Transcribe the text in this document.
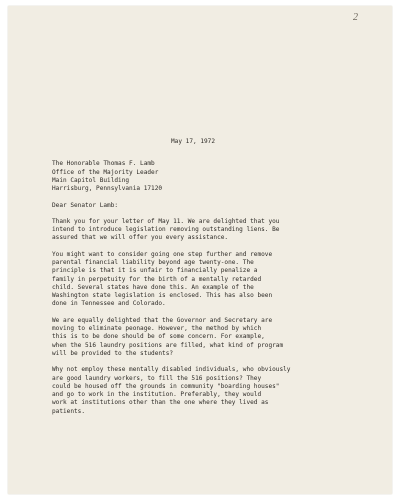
2
May 17, 1972
The Honorable Thomas F. Lamb
Office of the Majority Leader
Main Capitol Building
Harrisburg, Pennsylvania 17120
Dear Senator Lamb:
Thank you for your letter of May 11. We are delighted that you
intend to introduce legislation removing outstanding liens. Be
assured that we will offer you every assistance.
You might want to consider going one step further and remove
parental financial liability beyond age twenty-one. The
principle is that it is unfair to financially penalize a
family in perpetuity for the birth of a mentally retarded
child. Several states have done this. An example of the
Washington state legislation is enclosed. This has also been
done in Tennessee and Colorado.
We are equally delighted that the Governor and Secretary are
moving to eliminate peonage. However, the method by which
this is to be done should be of some concern. For example,
when the 516 laundry positions are filled, what kind of program
will be provided to the students?
Why not employ these mentally disabled individuals, who obviously
are good laundry workers, to fill the 516 positions? They
could be housed off the grounds in community "boarding houses"
and go to work in the institution. Preferably, they would
work at institutions other than the one where they lived as
patients.
